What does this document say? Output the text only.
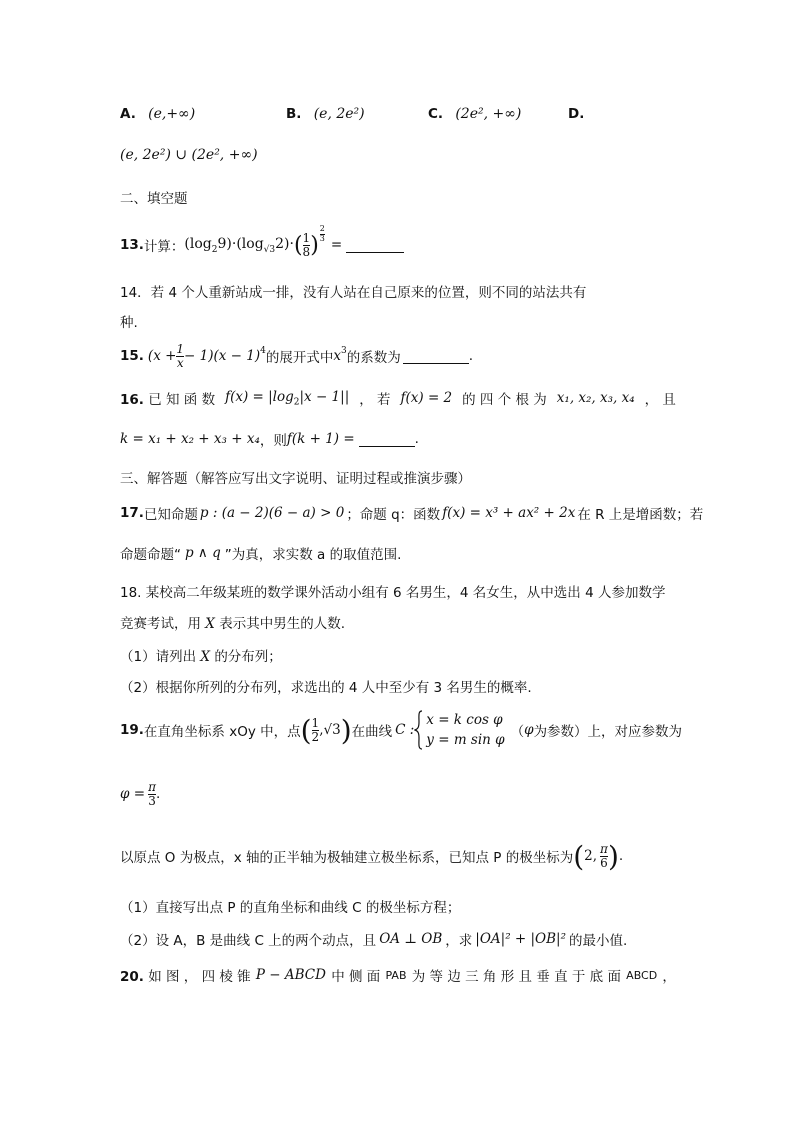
A. (e,+∞)	B. (e, 2e²)	C. (2e², +∞)	D.
(e, 2e²) ∪ (2e², +∞)
二、填空题
13. 计算： $(\log_29)\cdot(\log_{√3}2)\cdot$ ( $\frac{1}{8}$ ) $\frac{2}{3}$
=
14．若 4 个人重新站成一排，没有人站在自己原来的位置，则不同的站法共有
种.
15. $(x + \frac{1}{x} - 1)(x - 1)$ 4 的展开式中 x 3 的系数为	.
16. 已 知 函 数 $f(x) = |\log_2|x - 1||$ ， 若 f(x) = 2 的 四 个 根 为 x₁, x₂, x₃, x₄ ， 且
k = x₁ + x₂ + x₃ + x₄ ，则 f(k + 1) =	.
三、解答题（解答应写出文字说明、证明过程或推演步骤）
17. 已知命题 p : (a − 2)(6 − a) > 0 ；命题 q：函数 f(x) = x³ + ax² + 2x 在 R 上是增函数；若
命题命题“ p ∧ q ”为真，求实数 a 的取值范围.
18. 某校高二年级某班的数学课外活动小组有 6 名男生，4 名女生，从中选出 4 人参加数学
竞赛考试，用 X 表示其中男生的人数.
（1）请列出 X 的分布列；
（2）根据你所列的分布列，求选出的 4 人中至少有 3 名男生的概率.
19. 在直角坐标系 xOy 中，点 ( $\frac{1}{2}$ , √3 ) 在曲线 C :
x = k cos φ
y = m sin φ （ φ 为参数）上，对应参数为
$\varphi = \frac{\pi}{3}$ .
以原点 O 为极点，x 轴的正半轴为极轴建立极坐标系，已知点 P 的极坐标为 ( 2, $\frac{\pi}{6}$ ) .
（1）直接写出点 P 的直角坐标和曲线 C 的极坐标方程；
（2）设 A，B 是曲线 C 上的两个动点，且 OA ⊥ OB ，求 |OA|² + |OB|² 的最小值.
20. 如 图 ， 四 棱 锥 P − ABCD 中 侧 面 PAB 为 等 边 三 角 形 且 垂 直 于 底 面 ABCD ，
